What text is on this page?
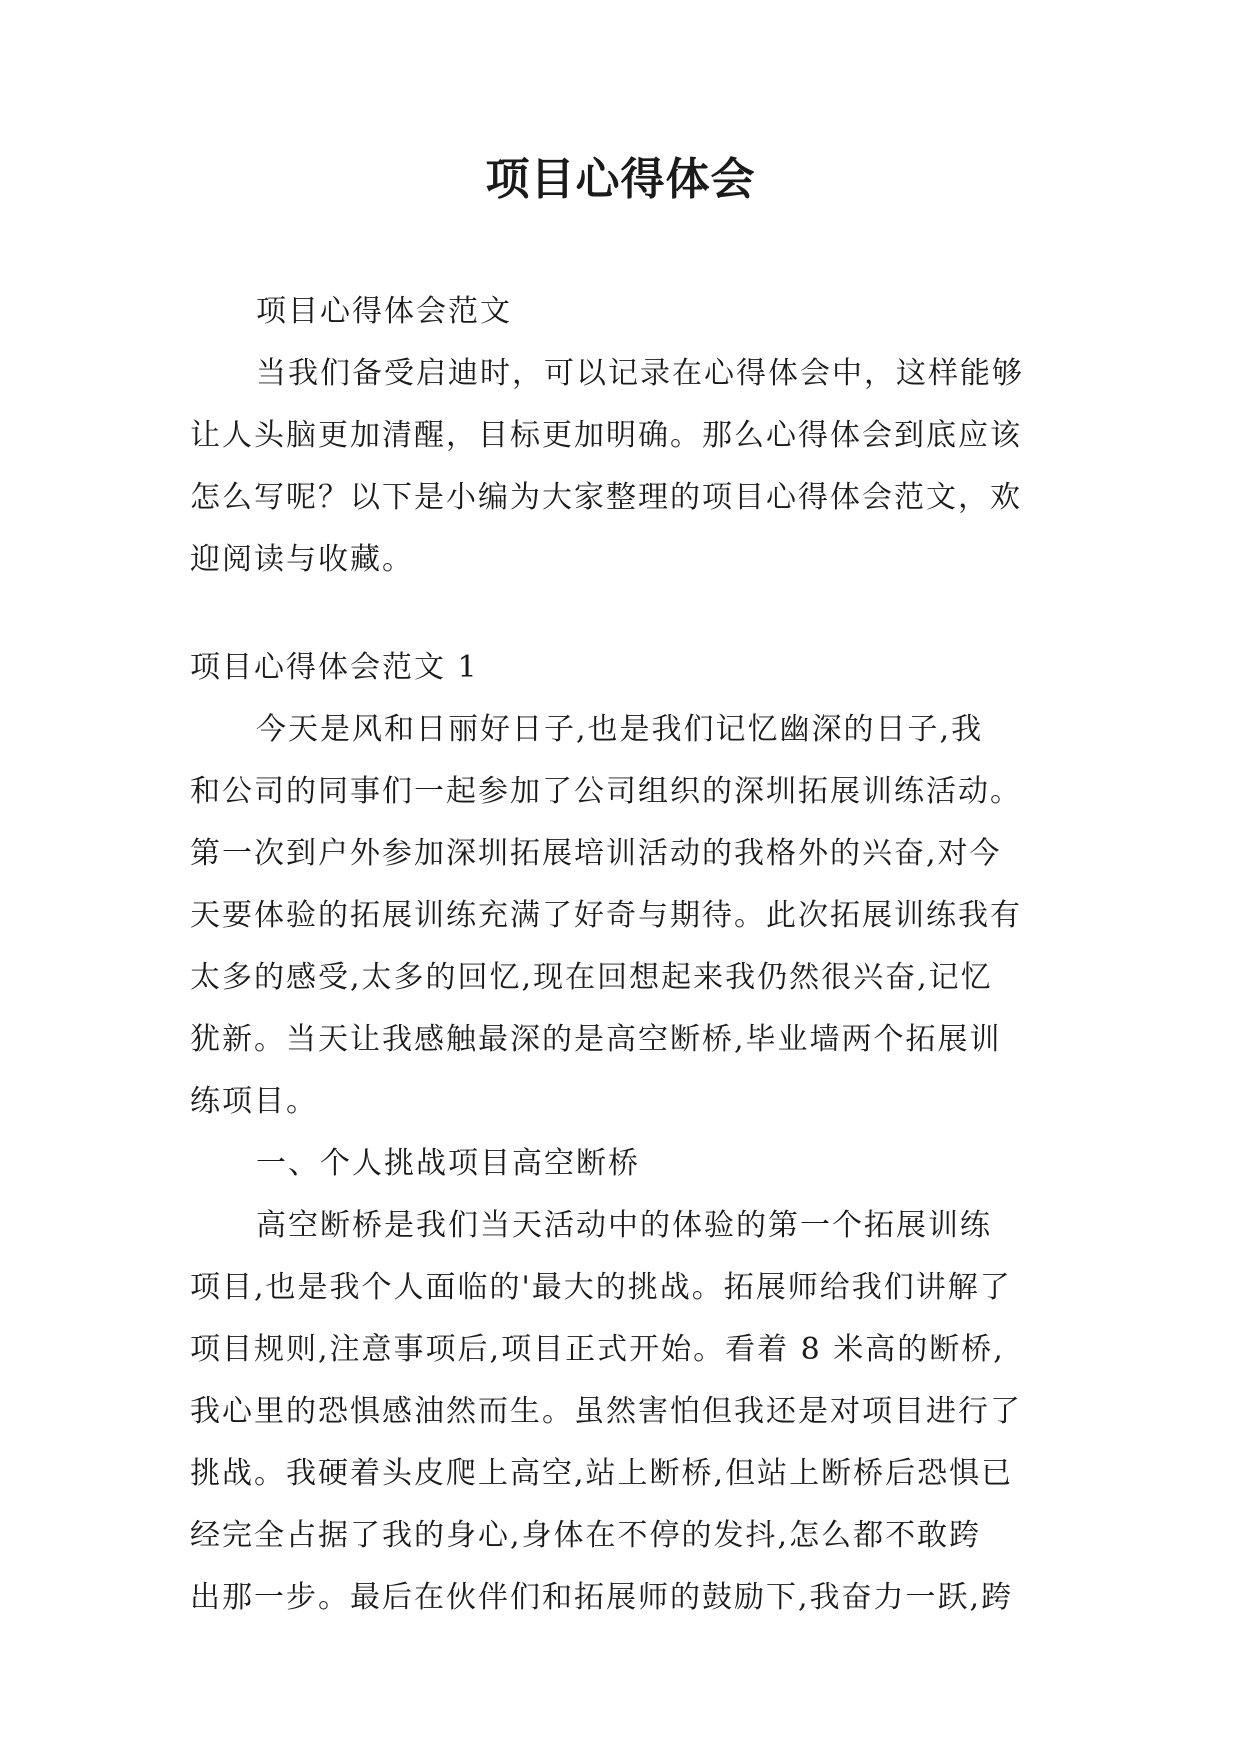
项目心得体会
项目心得体会范文
当我们备受启迪时，可以记录在心得体会中，这样能够
让人头脑更加清醒，目标更加明确。那么心得体会到底应该
怎么写呢？以下是小编为大家整理的项目心得体会范文，欢
迎阅读与收藏。
项目心得体会范文 1
今天是风和日丽好日子,也是我们记忆幽深的日子,我
和公司的同事们一起参加了公司组织的深圳拓展训练活动。
第一次到户外参加深圳拓展培训活动的我格外的兴奋,对今
天要体验的拓展训练充满了好奇与期待。此次拓展训练我有
太多的感受,太多的回忆,现在回想起来我仍然很兴奋,记忆
犹新。当天让我感触最深的是高空断桥,毕业墙两个拓展训
练项目。
一、个人挑战项目高空断桥
高空断桥是我们当天活动中的体验的第一个拓展训练
项目,也是我个人面临的'最大的挑战。拓展师给我们讲解了
项目规则,注意事项后,项目正式开始。看着 8 米高的断桥,
我心里的恐惧感油然而生。虽然害怕但我还是对项目进行了
挑战。我硬着头皮爬上高空,站上断桥,但站上断桥后恐惧已
经完全占据了我的身心,身体在不停的发抖,怎么都不敢跨
出那一步。最后在伙伴们和拓展师的鼓励下,我奋力一跃,跨
